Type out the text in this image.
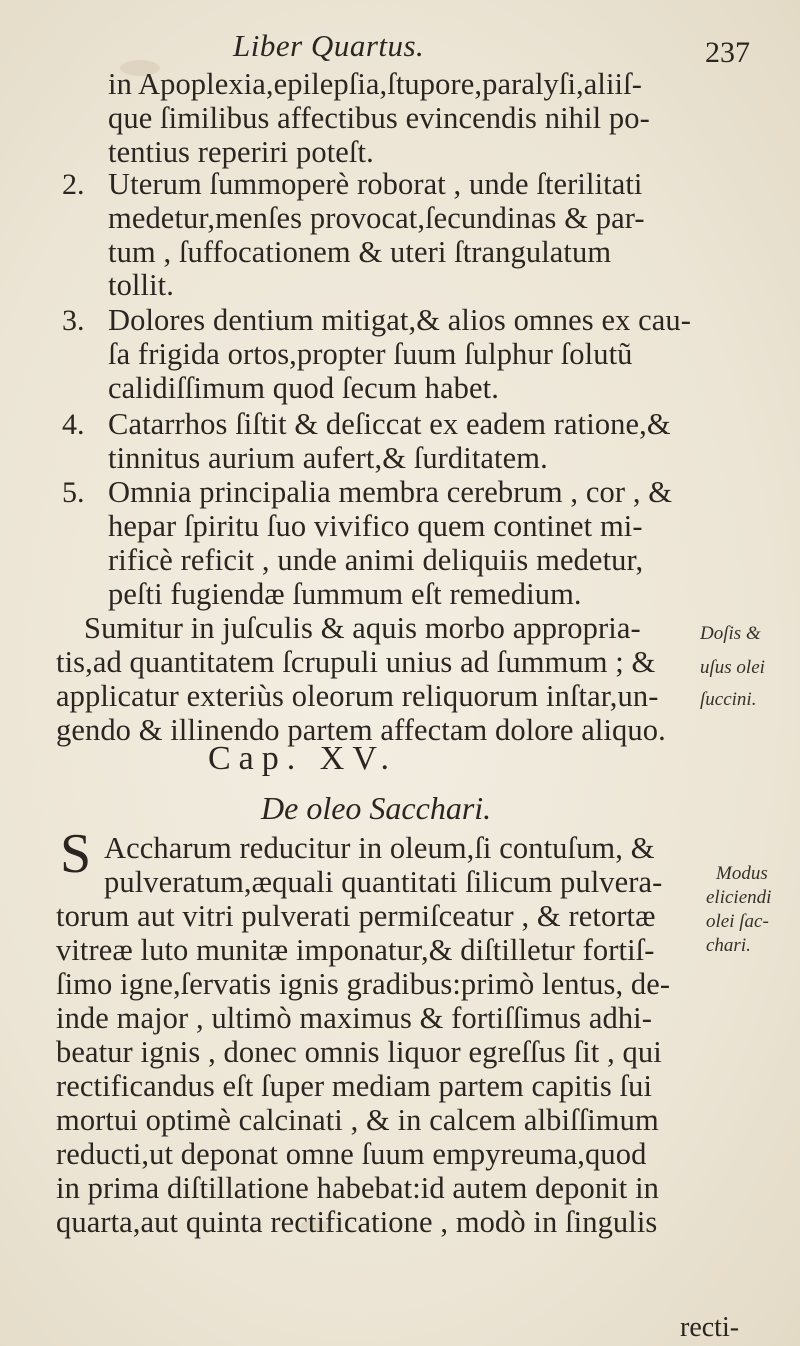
Liber Quartus.	237
in Apoplexia,epilepſia,ſtupore,paralyſi,aliiſ-
que ſimilibus affectibus evincendis nihil po-
tentius reperiri poteſt.
2. Uterum ſummoperè roborat , unde ſterilitati
medetur,menſes provocat,ſecundinas & par-
tum , ſuffocationem & uteri ſtrangulatum
tollit.
3. Dolores dentium mitigat,& alios omnes ex cau-
ſa frigida ortos,propter ſuum ſulphur ſolutũ
calidiſſimum quod ſecum habet.
4. Catarrhos ſiſtit & deſiccat ex eadem ratione,&
tinnitus aurium aufert,& ſurditatem.
5. Omnia principalia membra cerebrum , cor , &
hepar ſpiritu ſuo vivifico quem continet mi-
rificè reficit , unde animi deliquiis medetur,
peſti fugiendæ ſummum eſt remedium.
Sumitur in juſculis & aquis morbo appropria-
tis,ad quantitatem ſcrupuli unius ad ſummum ; &
applicatur exteriùs oleorum reliquorum inſtar,un-
gendo & illinendo partem affectam dolore aliquo.
Doſis &
uſus olei
ſuccini.
Cap. XV.
De oleo Sacchari.
S Accharum reducitur in oleum,ſi contuſum, &
pulveratum,æquali quantitati ſilicum pulvera-
torum aut vitri pulverati permiſceatur , & retortæ
vitreæ luto munitæ imponatur,& diſtilletur fortiſ-
ſimo igne,ſervatis ignis gradibus:primò lentus, de-
inde major , ultimò maximus & fortiſſimus adhi-
beatur ignis , donec omnis liquor egreſſus ſit , qui
rectificandus eſt ſuper mediam partem capitis ſui
mortui optimè calcinati , & in calcem albiſſimum
reducti,ut deponat omne ſuum empyreuma,quod
in prima diſtillatione habebat:id autem deponit in
quarta,aut quinta rectificatione , modò in ſingulis
Modus
eliciendi
olei ſac-
chari.
recti-
